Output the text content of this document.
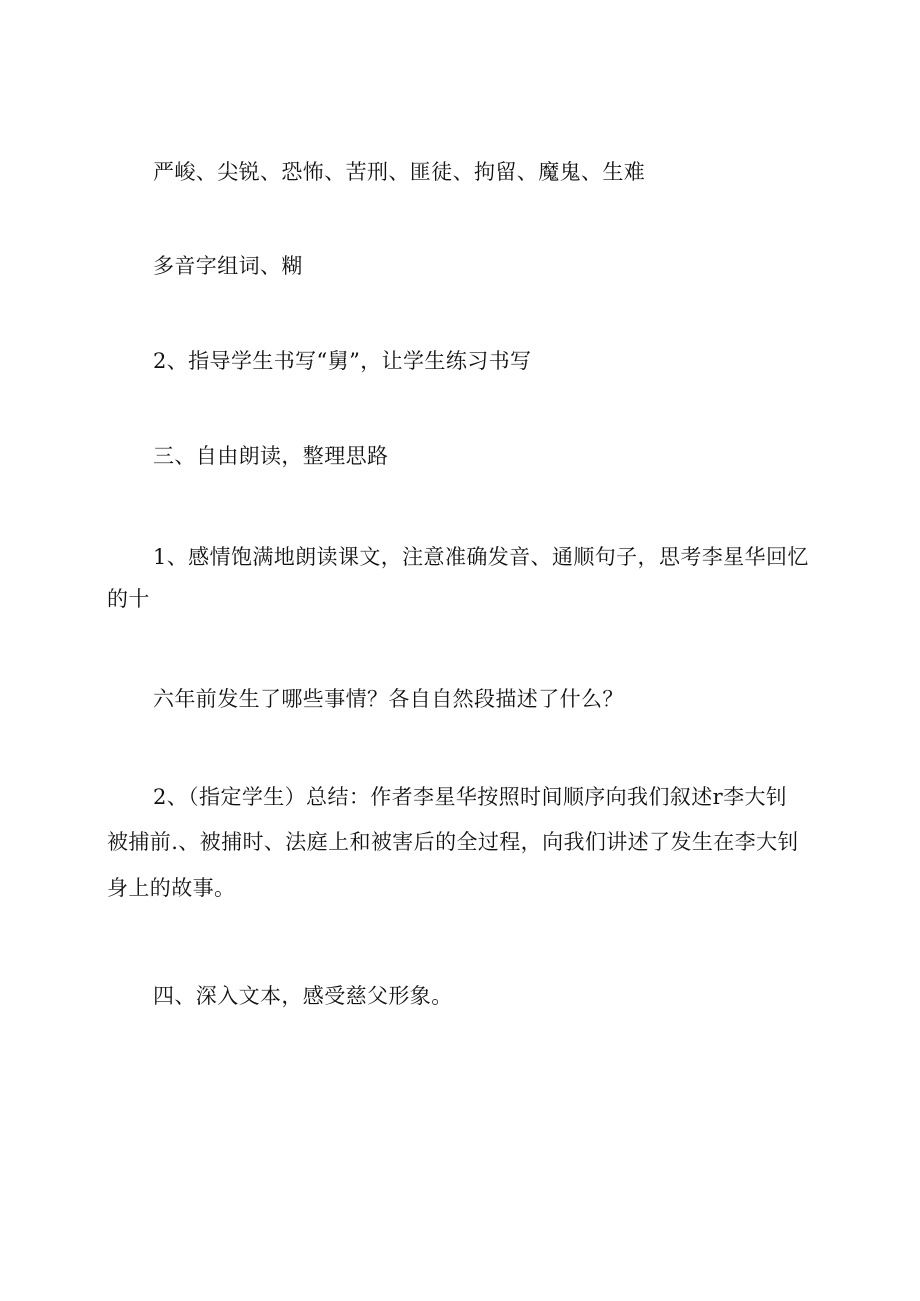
严峻、尖锐、恐怖、苦刑、匪徒、拘留、魔鬼、生难
多音字组词、糊
2、指导学生书写“舅”，让学生练习书写
三、自由朗读，整理思路
1、感情饱满地朗读课文，注意准确发音、通顺句子，思考李星华回忆
的十
六年前发生了哪些事情？各自自然段描述了什么？
2、（指定学生）总结：作者李星华按照时间顺序向我们叙述r李大钊
被捕前.、被捕时、法庭上和被害后的全过程，向我们讲述了发生在李大钊
身上的故事。
四、深入文本，感受慈父形象。
